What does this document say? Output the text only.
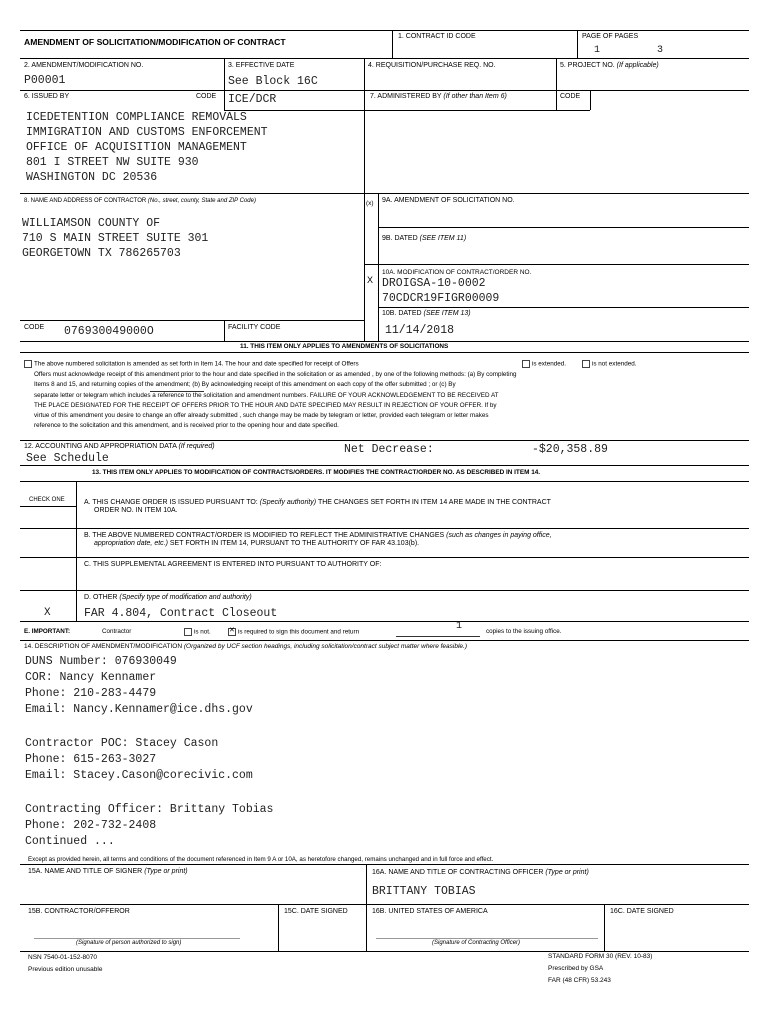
AMENDMENT OF SOLICITATION/MODIFICATION OF CONTRACT
1. CONTRACT ID CODE	PAGE OF PAGES
1	3
2. AMENDMENT/MODIFICATION NO.
P00001
3. EFFECTIVE DATE
See Block 16C
4. REQUISITION/PURCHASE REQ. NO.	5. PROJECT NO. (If applicable)
6. ISSUED BY	CODE ICE/DCR	7. ADMINISTERED BY (If other than Item 6)	CODE
ICEDETENTION COMPLIANCE REMOVALS
IMMIGRATION AND CUSTOMS ENFORCEMENT
OFFICE OF ACQUISITION MANAGEMENT
801 I STREET NW SUITE 930
WASHINGTON DC 20536
8. NAME AND ADDRESS OF CONTRACTOR (No., street, county, State and ZIP Code)	(x) 9A. AMENDMENT OF SOLICITATION NO.
WILLIAMSON COUNTY OF
710 S MAIN STREET SUITE 301
GEORGETOWN TX 786265703
9B. DATED (SEE ITEM 11)
X
10A. MODIFICATION OF CONTRACT/ORDER NO.
DROIGSA-10-0002
70CDCR19FIGR00009
10B. DATED (SEE ITEM 13)
11/14/2018
CODE 076930049000O	FACILITY CODE
11. THIS ITEM ONLY APPLIES TO AMENDMENTS OF SOLICITATIONS
The above numbered solicitation is amended as set forth in Item 14. The hour and date specified for receipt of Offers	is extended.	is not extended.
Offers must acknowledge receipt of this amendment prior to the hour and date specified in the solicitation or as amended , by one of the following methods: (a) By completing
Items 8 and 15, and returning copies of the amendment; (b) By acknowledging receipt of this amendment on each copy of the offer submitted ; or (c) By
separate letter or telegram which includes a reference to the solicitation and amendment numbers. FAILURE OF YOUR ACKNOWLEDGEMENT TO BE RECEIVED AT
THE PLACE DESIGNATED FOR THE RECEIPT OF OFFERS PRIOR TO THE HOUR AND DATE SPECIFIED MAY RESULT IN REJECTION OF YOUR OFFER. If by
virtue of this amendment you desire to change an offer already submitted , such change may be made by telegram or letter, provided each telegram or letter makes
reference to the solicitation and this amendment, and is received prior to the opening hour and date specified.
12. ACCOUNTING AND APPROPRIATION DATA (If required)
See Schedule
Net Decrease:	-$20,358.89
13. THIS ITEM ONLY APPLIES TO MODIFICATION OF CONTRACTS/ORDERS. IT MODIFIES THE CONTRACT/ORDER NO. AS DESCRIBED IN ITEM 14.
CHECK ONE	A. THIS CHANGE ORDER IS ISSUED PURSUANT TO: (Specify authority) THE CHANGES SET FORTH IN ITEM 14 ARE MADE IN THE CONTRACT
ORDER NO. IN ITEM 10A.
B. THE ABOVE NUMBERED CONTRACT/ORDER IS MODIFIED TO REFLECT THE ADMINISTRATIVE CHANGES (such as changes in paying office,
appropriation date, etc.) SET FORTH IN ITEM 14, PURSUANT TO THE AUTHORITY OF FAR 43.103(b).
C. THIS SUPPLEMENTAL AGREEMENT IS ENTERED INTO PURSUANT TO AUTHORITY OF:
D. OTHER (Specify type of modification and authority)
X	FAR 4.804, Contract Closeout
E. IMPORTANT:	Contractor	is not.	✕ is required to sign this document and return
1	copies to the issuing office.
14. DESCRIPTION OF AMENDMENT/MODIFICATION (Organized by UCF section headings, including solicitation/contract subject matter where feasible.)
DUNS Number: 076930049
COR: Nancy Kennamer
Phone: 210-283-4479
Email: Nancy.Kennamer@ice.dhs.gov
Contractor POC: Stacey Cason
Phone: 615-263-3027
Email: Stacey.Cason@corecivic.com
Contracting Officer: Brittany Tobias
Phone: 202-732-2408
Continued ...
Except as provided herein, all terms and conditions of the document referenced in Item 9 A or 10A, as heretofore changed, remains unchanged and in full force and effect.
15A. NAME AND TITLE OF SIGNER (Type or print)	16A. NAME AND TITLE OF CONTRACTING OFFICER (Type or print)
BRITTANY TOBIAS
15B. CONTRACTOR/OFFEROR	15C. DATE SIGNED	16B. UNITED STATES OF AMERICA	16C. DATE SIGNED
(Signature of person authorized to sign)	(Signature of Contracting Officer)
NSN 7540-01-152-8070
Previous edition unusable
STANDARD FORM 30 (REV. 10-83)
Prescribed by GSA
FAR (48 CFR) 53.243
